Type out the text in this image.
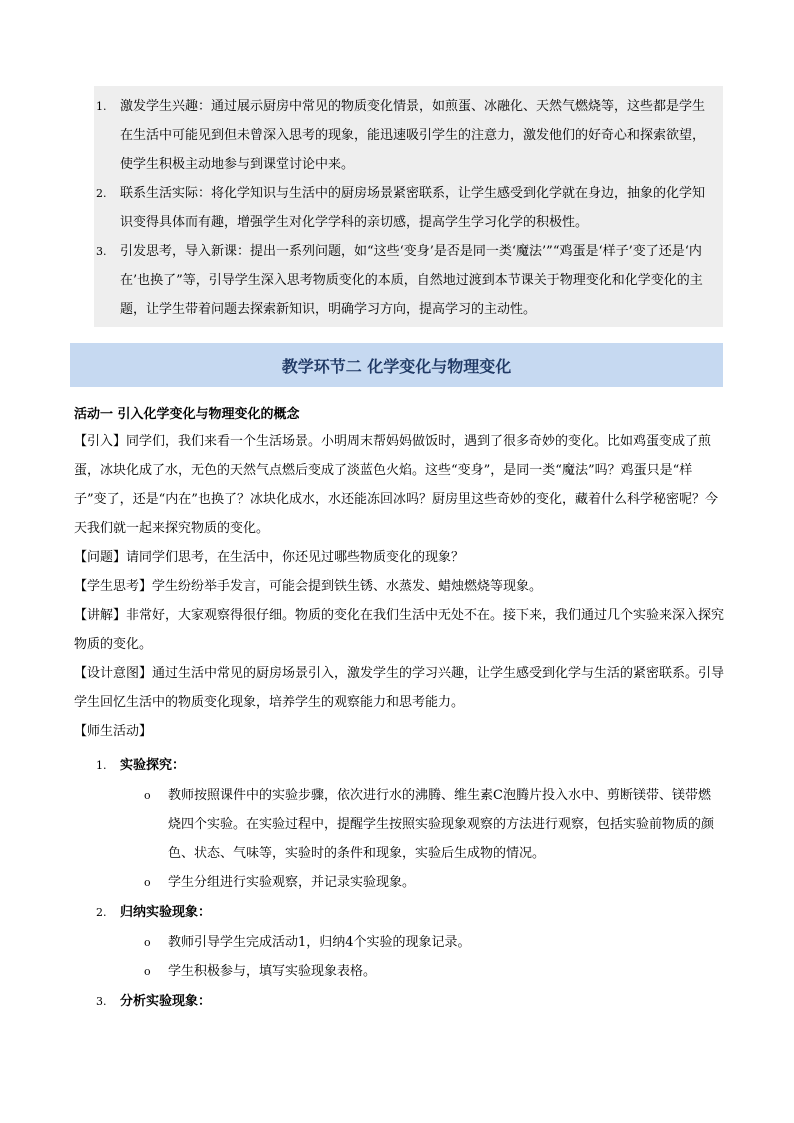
1. 激发学生兴趣：通过展示厨房中常见的物质变化情景，如煎蛋、冰融化、天然气燃烧等，这些都是学生在生活中可能见到但未曾深入思考的现象，能迅速吸引学生的注意力，激发他们的好奇心和探索欲望，使学生积极主动地参与到课堂讨论中来。
2. 联系生活实际：将化学知识与生活中的厨房场景紧密联系，让学生感受到化学就在身边，抽象的化学知识变得具体而有趣，增强学生对化学学科的亲切感，提高学生学习化学的积极性。
3. 引发思考，导入新课：提出一系列问题，如“这些‘变身’是否是同一类‘魔法’”“鸡蛋是‘样子’变了还是‘内在’也换了”等，引导学生深入思考物质变化的本质，自然地过渡到本节课关于物理变化和化学变化的主题，让学生带着问题去探索新知识，明确学习方向，提高学习的主动性。
教学环节二 化学变化与物理变化
活动一 引入化学变化与物理变化的概念
【引入】同学们，我们来看一个生活场景。小明周末帮妈妈做饭时，遇到了很多奇妙的变化。比如鸡蛋变成了煎蛋，冰块化成了水，无色的天然气点燃后变成了淡蓝色火焰。这些“变身”，是同一类“魔法”吗？鸡蛋只是“样子”变了，还是“内在”也换了？冰块化成水，水还能冻回冰吗？厨房里这些奇妙的变化，藏着什么科学秘密呢？今天我们就一起来探究物质的变化。
【问题】请同学们思考，在生活中，你还见过哪些物质变化的现象？
【学生思考】学生纷纷举手发言，可能会提到铁生锈、水蒸发、蜡烛燃烧等现象。
【讲解】非常好，大家观察得很仔细。物质的变化在我们生活中无处不在。接下来，我们通过几个实验来深入探究物质的变化。
【设计意图】通过生活中常见的厨房场景引入，激发学生的学习兴趣，让学生感受到化学与生活的紧密联系。引导学生回忆生活中的物质变化现象，培养学生的观察能力和思考能力。
【师生活动】
1. 实验探究：
o 教师按照课件中的实验步骤，依次进行水的沸腾、维生素C泡腾片投入水中、剪断镁带、镁带燃烧四个实验。在实验过程中，提醒学生按照实验现象观察的方法进行观察，包括实验前物质的颜色、状态、气味等，实验时的条件和现象，实验后生成物的情况。
o 学生分组进行实验观察，并记录实验现象。
2. 归纳实验现象：
o 教师引导学生完成活动1，归纳4个实验的现象记录。
o 学生积极参与，填写实验现象表格。
3. 分析实验现象：
